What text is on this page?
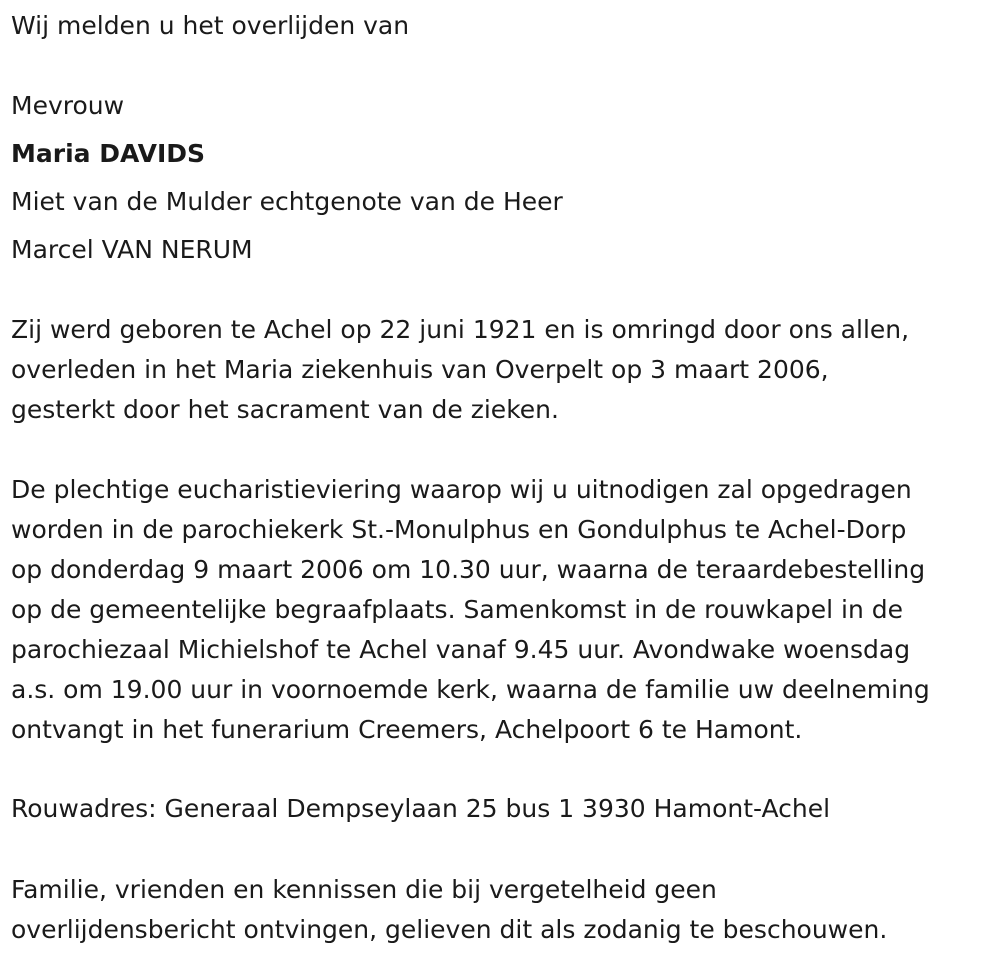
Wij melden u het overlijden van
Mevrouw
Maria DAVIDS
Miet van de Mulder echtgenote van de Heer
Marcel VAN NERUM
Zij werd geboren te Achel op 22 juni 1921 en is omringd door ons allen,
overleden in het Maria ziekenhuis van Overpelt op 3 maart 2006,
gesterkt door het sacrament van de zieken.
De plechtige eucharistieviering waarop wij u uitnodigen zal opgedragen
worden in de parochiekerk St.-Monulphus en Gondulphus te Achel-Dorp
op donderdag 9 maart 2006 om 10.30 uur, waarna de teraardebestelling
op de gemeentelijke begraafplaats. Samenkomst in de rouwkapel in de
parochiezaal Michielshof te Achel vanaf 9.45 uur. Avondwake woensdag
a.s. om 19.00 uur in voornoemde kerk, waarna de familie uw deelneming
ontvangt in het funerarium Creemers, Achelpoort 6 te Hamont.
Rouwadres: Generaal Dempseylaan 25 bus 1 3930 Hamont-Achel
Familie, vrienden en kennissen die bij vergetelheid geen
overlijdensbericht ontvingen, gelieven dit als zodanig te beschouwen.
